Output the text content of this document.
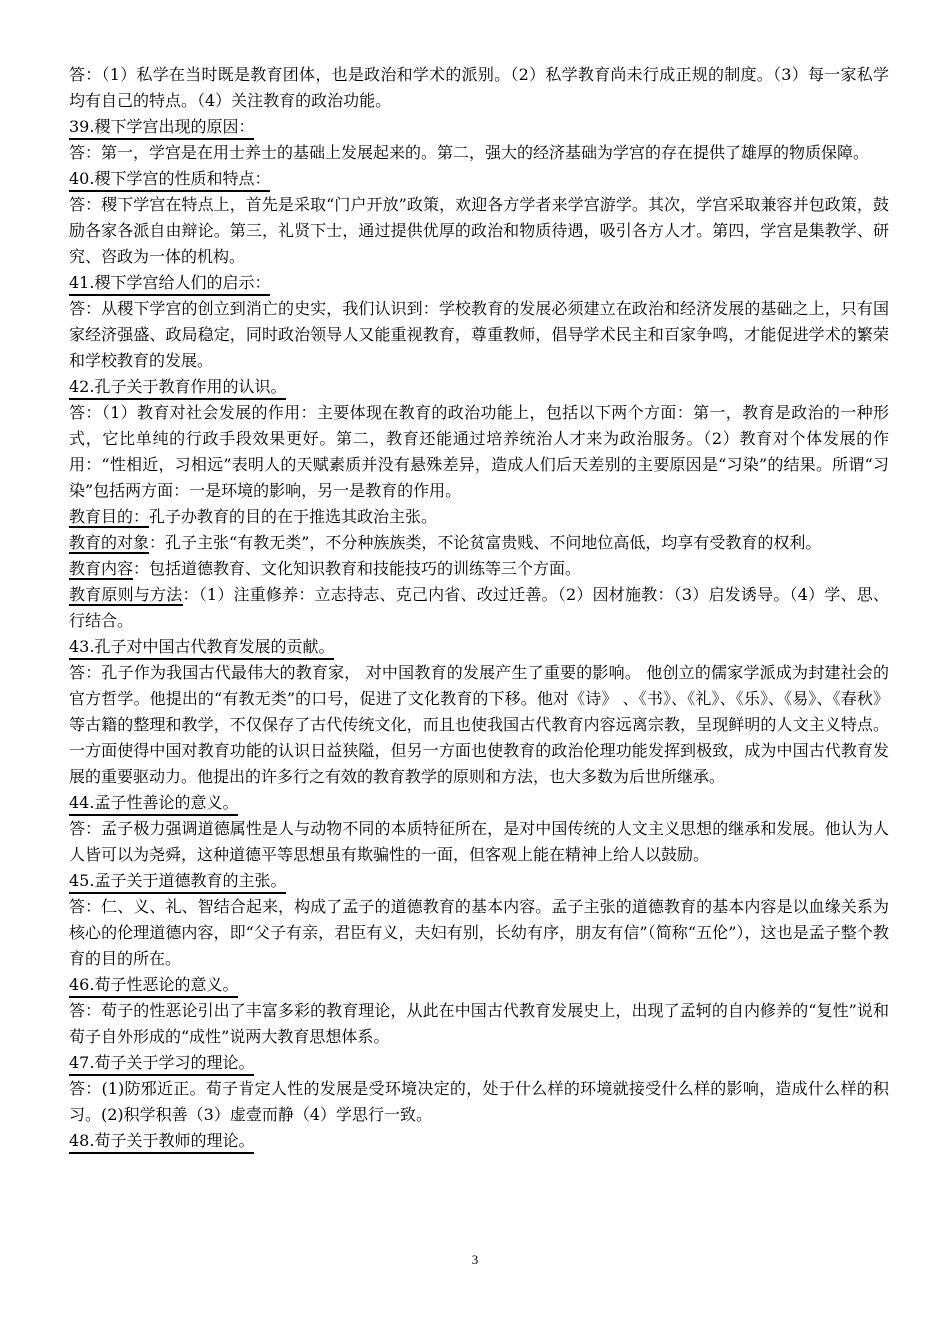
答：（1）私学在当时既是教育团体，也是政治和学术的派别。（2）私学教育尚未行成正规的制度。（3）每一家私学均有自己的特点。（4）关注教育的政治功能。

39.稷下学宫出现的原因：

答：第一，学宫是在用士养士的基础上发展起来的。第二，强大的经济基础为学宫的存在提供了雄厚的物质保障。

40.稷下学宫的性质和特点：

答：稷下学宫在特点上，首先是采取“门户开放”政策，欢迎各方学者来学宫游学。其次，学宫采取兼容并包政策，鼓励各家各派自由辩论。第三，礼贤下士，通过提供优厚的政治和物质待遇，吸引各方人才。第四，学宫是集教学、研究、咨政为一体的机构。

41.稷下学宫给人们的启示：

答：从稷下学宫的创立到消亡的史实，我们认识到：学校教育的发展必须建立在政治和经济发展的基础之上，只有国家经济强盛、政局稳定，同时政治领导人又能重视教育，尊重教师，倡导学术民主和百家争鸣，才能促进学术的繁荣和学校教育的发展。

42.孔子关于教育作用的认识。

答：（1）教育对社会发展的作用：主要体现在教育的政治功能上，包括以下两个方面：第一，教育是政治的一种形式，它比单纯的行政手段效果更好。第二，教育还能通过培养统治人才来为政治服务。（2）教育对个体发展的作用：“性相近，习相远”表明人的天赋素质并没有悬殊差异，造成人们后天差别的主要原因是“习染”的结果。所谓“习染”包括两方面：一是环境的影响，另一是教育的作用。

教育目的：孔子办教育的目的在于推选其政治主张。

教育的对象：孔子主张“有教无类”，不分种族族类，不论贫富贵贱、不问地位高低，均享有受教育的权利。

教育内容：包括道德教育、文化知识教育和技能技巧的训练等三个方面。

教育原则与方法：（1）注重修养：立志持志、克己内省、改过迁善。（2）因材施教：（3）启发诱导。（4）学、思、行结合。

43.孔子对中国古代教育发展的贡献。

答：孔子作为我国古代最伟大的教育家， 对中国教育的发展产生了重要的影响。 他创立的儒家学派成为封建社会的官方哲学。他提出的“有教无类”的口号，促进了文化教育的下移。他对《诗》 、《书》、《礼》、《乐》、《易》、《春秋》等古籍的整理和教学，不仅保存了古代传统文化，而且也使我国古代教育内容远离宗教，呈现鲜明的人文主义特点。一方面使得中国对教育功能的认识日益狭隘，但另一方面也使教育的政治伦理功能发挥到极致，成为中国古代教育发展的重要驱动力。他提出的许多行之有效的教育教学的原则和方法，也大多数为后世所继承。

44.孟子性善论的意义。

答：孟子极力强调道德属性是人与动物不同的本质特征所在，是对中国传统的人文主义思想的继承和发展。他认为人人皆可以为尧舜，这种道德平等思想虽有欺骗性的一面，但客观上能在精神上给人以鼓励。

45.孟子关于道德教育的主张。

答：仁、义、礼、智结合起来，构成了孟子的道德教育的基本内容。孟子主张的道德教育的基本内容是以血缘关系为核心的伦理道德内容，即“父子有亲，君臣有义，夫妇有别，长幼有序，朋友有信”（简称“五伦”），这也是孟子整个教育的目的所在。

46.荀子性恶论的意义。

答：荀子的性恶论引出了丰富多彩的教育理论，从此在中国古代教育发展史上，出现了孟轲的自内修养的“复性”说和荀子自外形成的“成性”说两大教育思想体系。

47.荀子关于学习的理论。

答：(1)防邪近正。荀子肯定人性的发展是受环境决定的，处于什么样的环境就接受什么样的影响，造成什么样的积习。(2)积学积善（3）虚壹而静（4）学思行一致。

48.荀子关于教师的理论。

3
